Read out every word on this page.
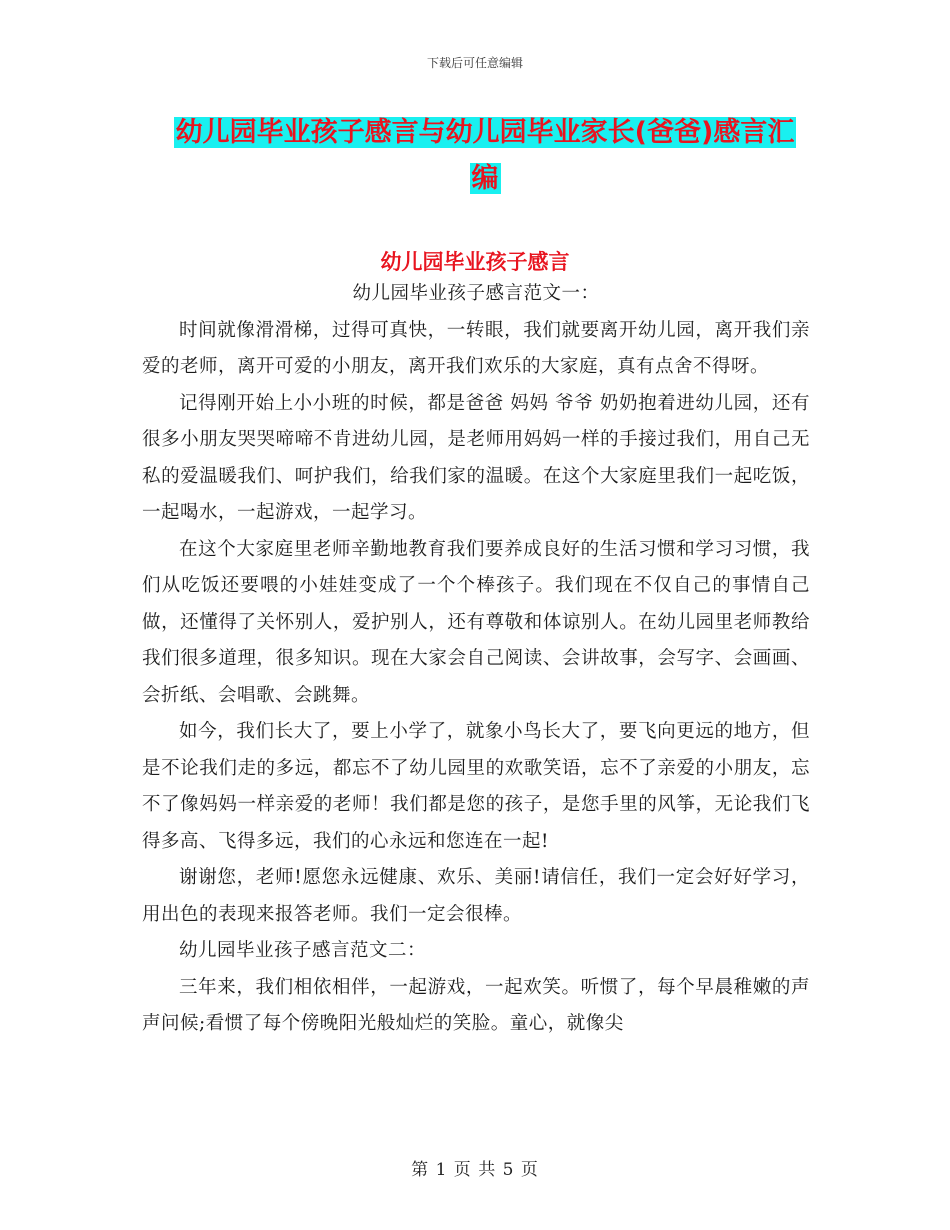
下载后可任意编辑
幼儿园毕业孩子感言与幼儿园毕业家长(爸爸)感言汇
编
幼儿园毕业孩子感言

幼儿园毕业孩子感言范文一：

时间就像滑滑梯，过得可真快，一转眼，我们就要离开幼儿园，离开我们亲爱的老师，离开可爱的小朋友，离开我们欢乐的大家庭，真有点舍不得呀。

记得刚开始上小小班的时候，都是爸爸 妈妈 爷爷 奶奶抱着进幼儿园，还有很多小朋友哭哭啼啼不肯进幼儿园，是老师用妈妈一样的手接过我们，用自己无私的爱温暖我们、呵护我们，给我们家的温暖。在这个大家庭里我们一起吃饭，一起喝水，一起游戏，一起学习。

在这个大家庭里老师辛勤地教育我们要养成良好的生活习惯和学习习惯，我们从吃饭还要喂的小娃娃变成了一个个棒孩子。我们现在不仅自己的事情自己做，还懂得了关怀别人，爱护别人，还有尊敬和体谅别人。在幼儿园里老师教给我们很多道理，很多知识。现在大家会自己阅读、会讲故事，会写字、会画画、会折纸、会唱歌、会跳舞。

如今，我们长大了，要上小学了，就象小鸟长大了，要飞向更远的地方，但是不论我们走的多远，都忘不了幼儿园里的欢歌笑语，忘不了亲爱的小朋友，忘不了像妈妈一样亲爱的老师！我们都是您的孩子，是您手里的风筝，无论我们飞得多高、飞得多远，我们的心永远和您连在一起!

谢谢您，老师!愿您永远健康、欢乐、美丽!请信任，我们一定会好好学习，用出色的表现来报答老师。我们一定会很棒。

幼儿园毕业孩子感言范文二：

三年来，我们相依相伴，一起游戏，一起欢笑。听惯了，每个早晨稚嫩的声声问候;看惯了每个傍晚阳光般灿烂的笑脸。童心，就像尖

第 1 页 共 5 页
